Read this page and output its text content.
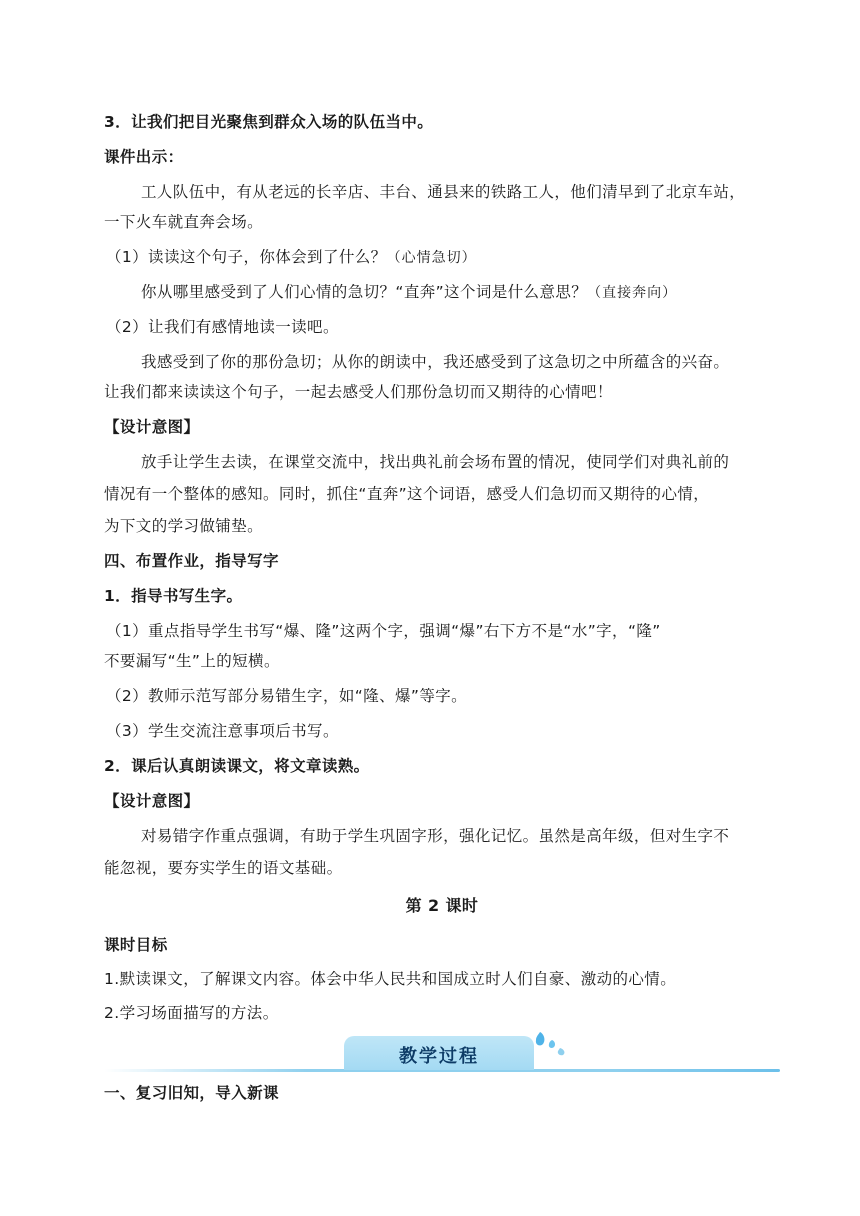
3．让我们把目光聚焦到群众入场的队伍当中。
课件出示：
工人队伍中，有从老远的长辛店、丰台、通县来的铁路工人，他们清早到了北京车站，
一下火车就直奔会场。
（1）读读这个句子，你体会到了什么？（心情急切）
你从哪里感受到了人们心情的急切？“直奔”这个词是什么意思？（直接奔向）
（2）让我们有感情地读一读吧。
我感受到了你的那份急切；从你的朗读中，我还感受到了这急切之中所蕴含的兴奋。
让我们都来读读这个句子，一起去感受人们那份急切而又期待的心情吧！
【设计意图】
放手让学生去读，在课堂交流中，找出典礼前会场布置的情况，使同学们对典礼前的
情况有一个整体的感知。同时，抓住“直奔”这个词语，感受人们急切而又期待的心情，
为下文的学习做铺垫。
四、布置作业，指导写字
1．指导书写生字。
（1）重点指导学生书写“爆、隆”这两个字，强调“爆”右下方不是“水”字，“隆”
不要漏写“生”上的短横。
（2）教师示范写部分易错生字，如“隆、爆”等字。
（3）学生交流注意事项后书写。
2．课后认真朗读课文，将文章读熟。
【设计意图】
对易错字作重点强调，有助于学生巩固字形，强化记忆。虽然是高年级，但对生字不
能忽视，要夯实学生的语文基础。
第 2 课时
课时目标
1.默读课文，了解课文内容。体会中华人民共和国成立时人们自豪、激动的心情。
2.学习场面描写的方法。
一、复习旧知，导入新课
教学过程
